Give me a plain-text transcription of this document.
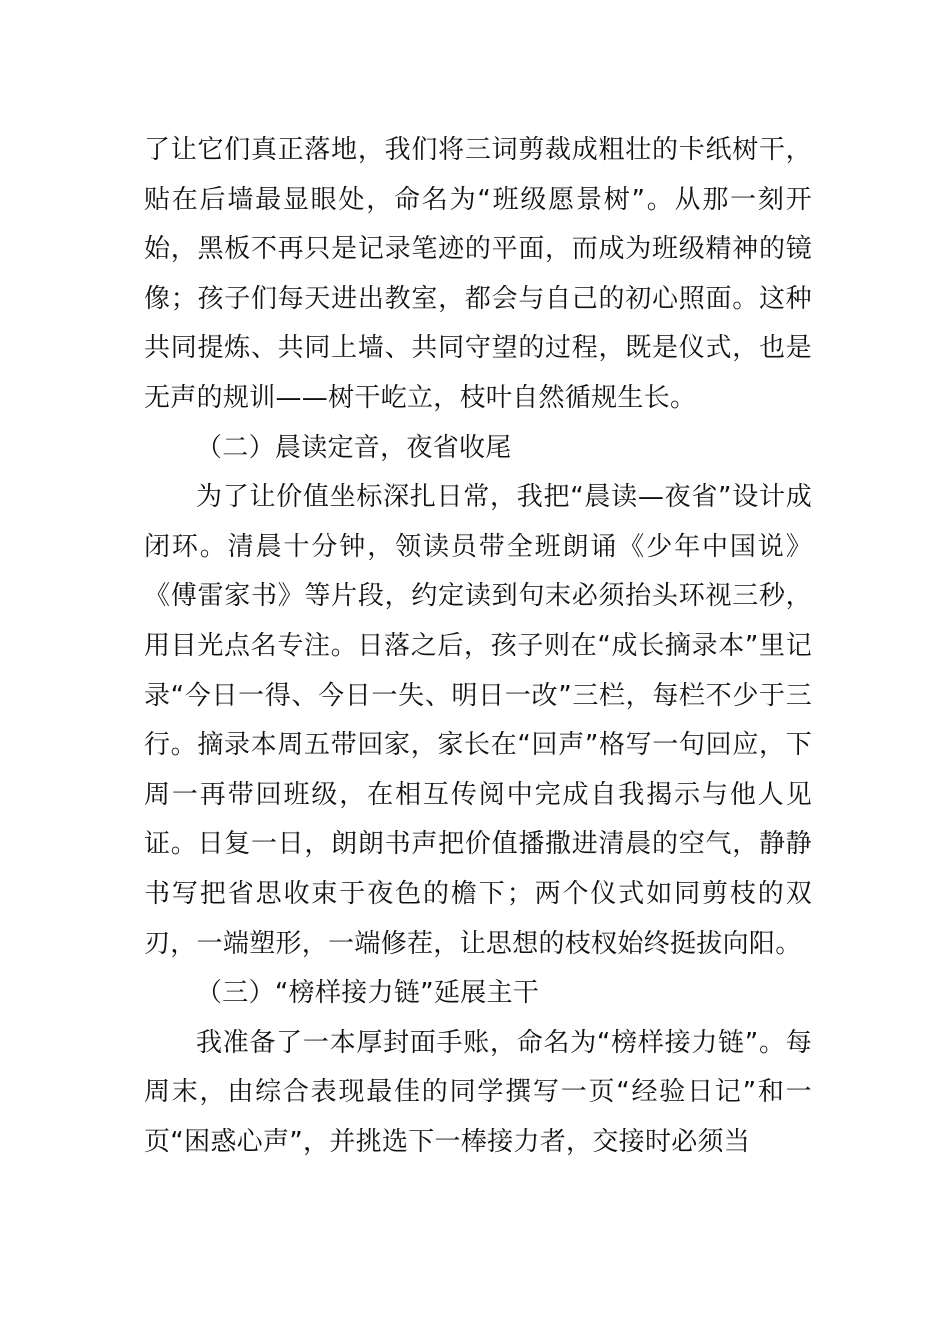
了让它们真正落地，我们将三词剪裁成粗壮的卡纸树干，贴在后墙最显眼处，命名为“班级愿景树”。从那一刻开始，黑板不再只是记录笔迹的平面，而成为班级精神的镜像；孩子们每天进出教室，都会与自己的初心照面。这种共同提炼、共同上墙、共同守望的过程，既是仪式，也是无声的规训——树干屹立，枝叶自然循规生长。

（二）晨读定音，夜省收尾

为了让价值坐标深扎日常，我把“晨读—夜省”设计成闭环。清晨十分钟，领读员带全班朗诵《少年中国说》《傅雷家书》等片段，约定读到句末必须抬头环视三秒，用目光点名专注。日落之后，孩子则在“成长摘录本”里记录“今日一得、今日一失、明日一改”三栏，每栏不少于三行。摘录本周五带回家，家长在“回声”格写一句回应，下周一再带回班级，在相互传阅中完成自我揭示与他人见证。日复一日，朗朗书声把价值播撒进清晨的空气，静静书写把省思收束于夜色的檐下；两个仪式如同剪枝的双刃，一端塑形，一端修茬，让思想的枝杈始终挺拔向阳。

（三）“榜样接力链”延展主干

我准备了一本厚封面手账，命名为“榜样接力链”。每周末，由综合表现最佳的同学撰写一页“经验日记”和一页“困惑心声”，并挑选下一棒接力者，交接时必须当
